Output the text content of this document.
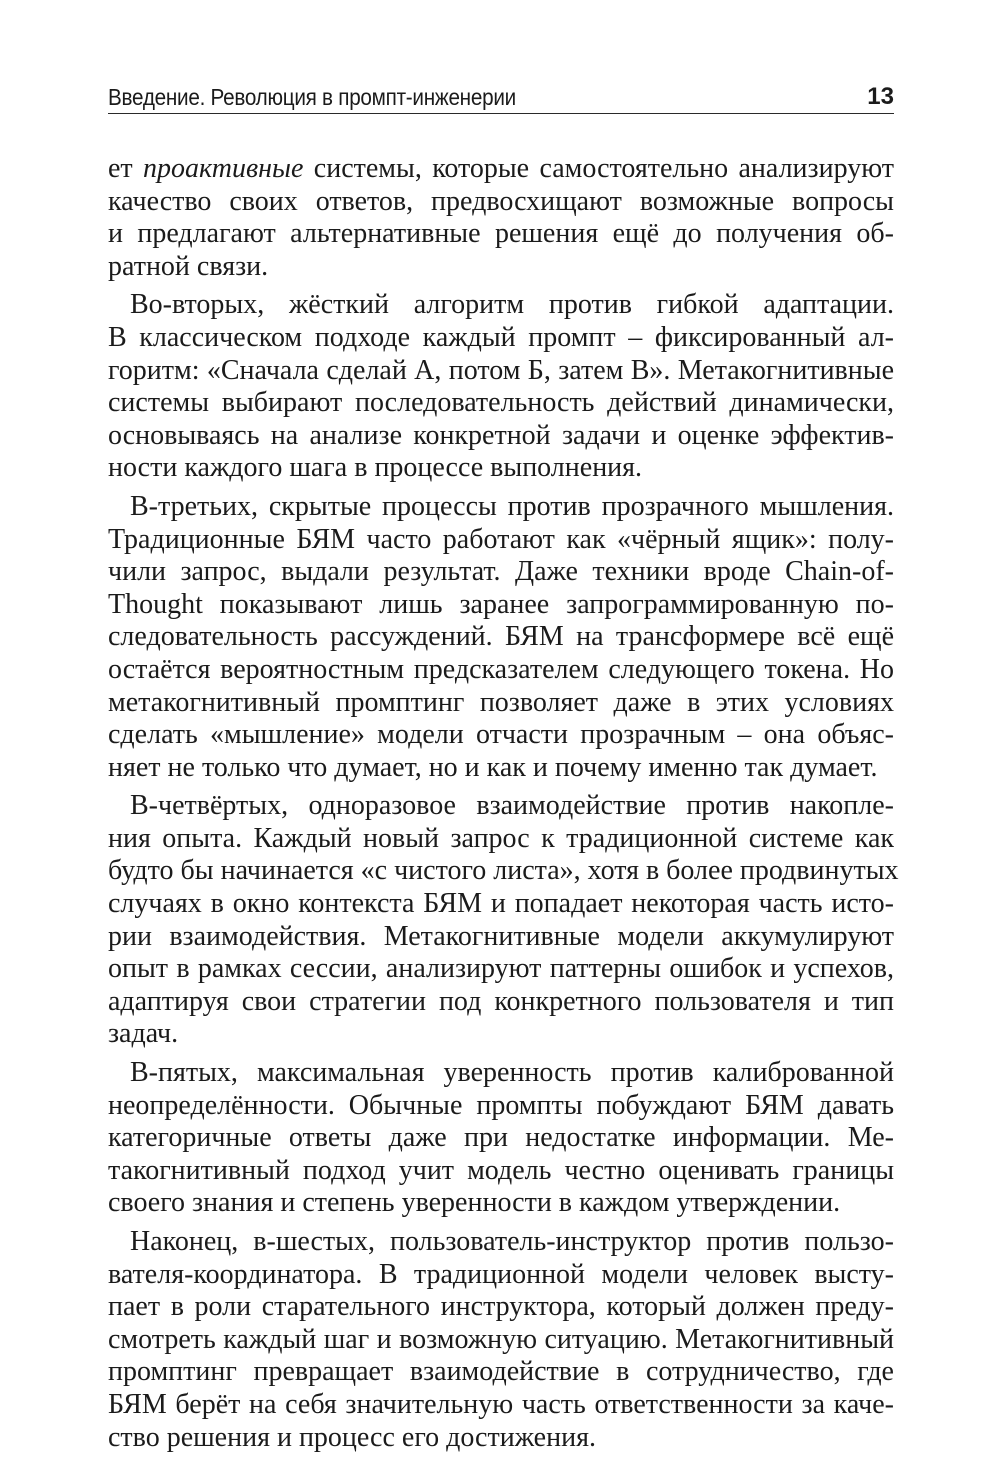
Введение. Революция в промпт-инженерии	13
ет проактивные системы, которые самостоятельно анализируют
качество своих ответов, предвосхищают возможные вопросы
и предлагают альтернативные решения ещё до получения об-
ратной связи.
Во-вторых, жёсткий алгоритм против гибкой адаптации.
В классическом подходе каждый промпт – фиксированный ал-
горитм: «Сначала сделай А, потом Б, затем В». Метакогнитивные
системы выбирают последовательность действий динамически,
основываясь на анализе конкретной задачи и оценке эффектив-
ности каждого шага в процессе выполнения.
В-третьих, скрытые процессы против прозрачного мышления.
Традиционные БЯМ часто работают как «чёрный ящик»: полу-
чили запрос, выдали результат. Даже техники вроде Chain-of-
Thought показывают лишь заранее запрограммированную по-
следовательность рассуждений. БЯМ на трансформере всё ещё
остаётся вероятностным предсказателем следующего токена. Но
метакогнитивный промптинг позволяет даже в этих условиях
сделать «мышление» модели отчасти прозрачным – она объяс-
няет не только что думает, но и как и почему именно так думает.
В-четвёртых, одноразовое взаимодействие против накопле-
ния опыта. Каждый новый запрос к традиционной системе как
будто бы начинается «с чистого листа», хотя в более продвинутых
случаях в окно контекста БЯМ и попадает некоторая часть исто-
рии взаимодействия. Метакогнитивные модели аккумулируют
опыт в рамках сессии, анализируют паттерны ошибок и успехов,
адаптируя свои стратегии под конкретного пользователя и тип
задач.
В-пятых, максимальная уверенность против калиброванной
неопределённости. Обычные промпты побуждают БЯМ давать
категоричные ответы даже при недостатке информации. Ме-
такогнитивный подход учит модель честно оценивать границы
своего знания и степень уверенности в каждом утверждении.
Наконец, в-шестых, пользователь-инструктор против пользо-
вателя-координатора. В традиционной модели человек высту-
пает в роли старательного инструктора, который должен преду-
смотреть каждый шаг и возможную ситуацию. Метакогнитивный
промптинг превращает взаимодействие в сотрудничество, где
БЯМ берёт на себя значительную часть ответственности за каче-
ство решения и процесс его достижения.
